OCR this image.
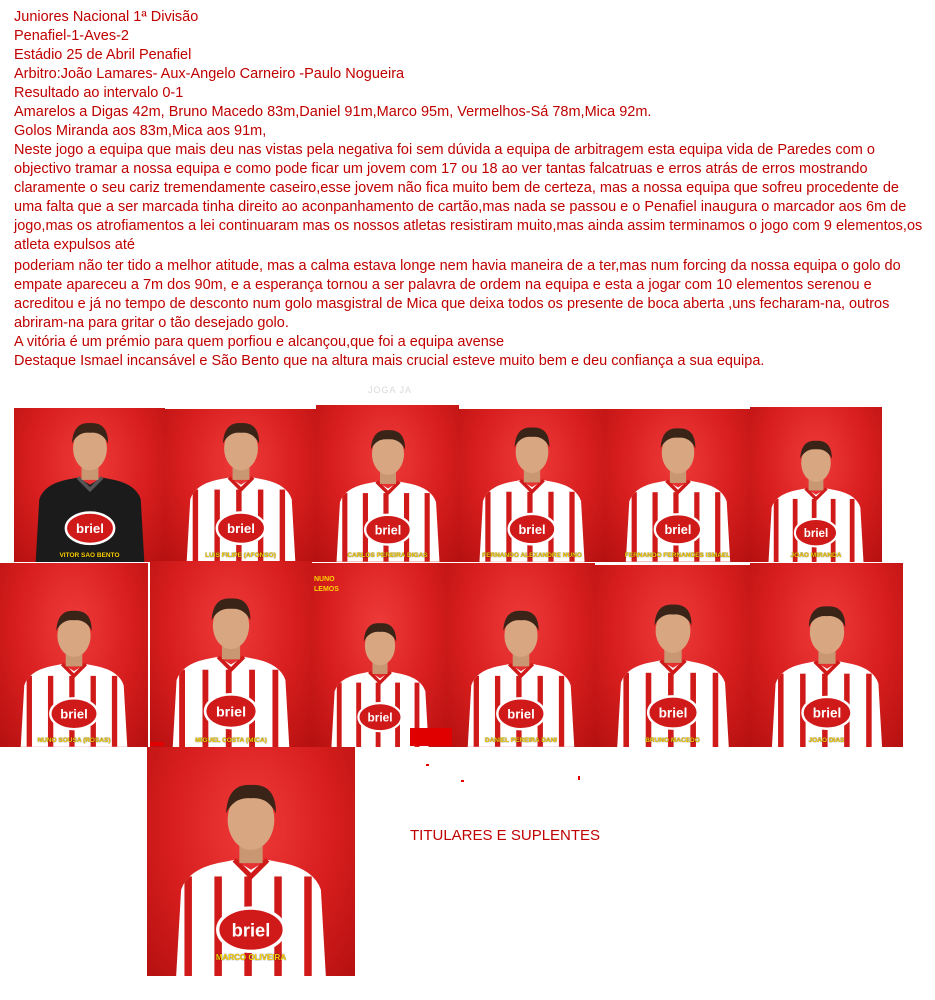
Juniores Nacional 1ª Divisão
Penafiel-1-Aves-2
Estádio 25 de Abril Penafiel
Arbitro:João Lamares- Aux-Angelo Carneiro -Paulo Nogueira
Resultado ao intervalo 0-1
Amarelos a Digas 42m, Bruno Macedo 83m,Daniel 91m,Marco 95m, Vermelhos-Sá 78m,Mica 92m.
Golos Miranda aos 83m,Mica aos 91m,
Neste jogo a equipa que mais deu nas vistas pela negativa foi sem dúvida a equipa de arbitragem esta equipa vida de Paredes com o objectivo tramar a nossa equipa e como pode ficar um jovem com 17 ou 18 ao ver tantas falcatruas e erros atrás de erros mostrando claramente o seu cariz tremendamente caseiro,esse jovem não fica muito bem de certeza, mas a nossa equipa que sofreu procedente de uma falta que a ser marcada tinha direito ao aconpanhamento de cartão,mas nada se passou e o Penafiel inaugura o marcador aos 6m de jogo,mas os atrofiamentos a lei continuaram mas os nossos atletas resistiram muito,mas ainda assim terminamos o jogo com 9 elementos,os atleta expulsos até
poderiam não ter tido a melhor atitude, mas a calma estava longe nem havia maneira de a ter,mas num forcing da nossa equipa o golo do empate apareceu a 7m dos 90m, e a esperança tornou a ser palavra de ordem na equipa e esta a jogar com 10 elementos serenou e acreditou e já no tempo de desconto num golo masgistral de Mica que deixa todos os presente de boca aberta ,uns fecharam-na, outros abriram-na para gritar o tão desejado golo.
A vitória é um prémio para quem porfiou e alcançou,que foi a equipa avense
Destaque Ismael incansável e São Bento que na altura mais crucial esteve muito bem e deu confiança a sua equipa.
JOGA JA
briel
VITOR SÃO BENTO
briel
LUIS FILIPE (AFONSO)
briel
CARLOS PEREIRA DIGAS
briel
FERNANDO ALEXANDRE NUNO
briel
FERNANDO FERNANDES ISMAEL
briel
JOÃO MIRANDA
briel
NUNO SOUSA (ROSAS)
briel
MIGUEL COSTA (MICA)
briel
NUNO LEMOS
briel
DANIEL PEREIRA DANI
briel
BRUNO MACEDO
briel
JOÃO DIAS
briel
MARCO OLIVEIRA
TITULARES E SUPLENTES
